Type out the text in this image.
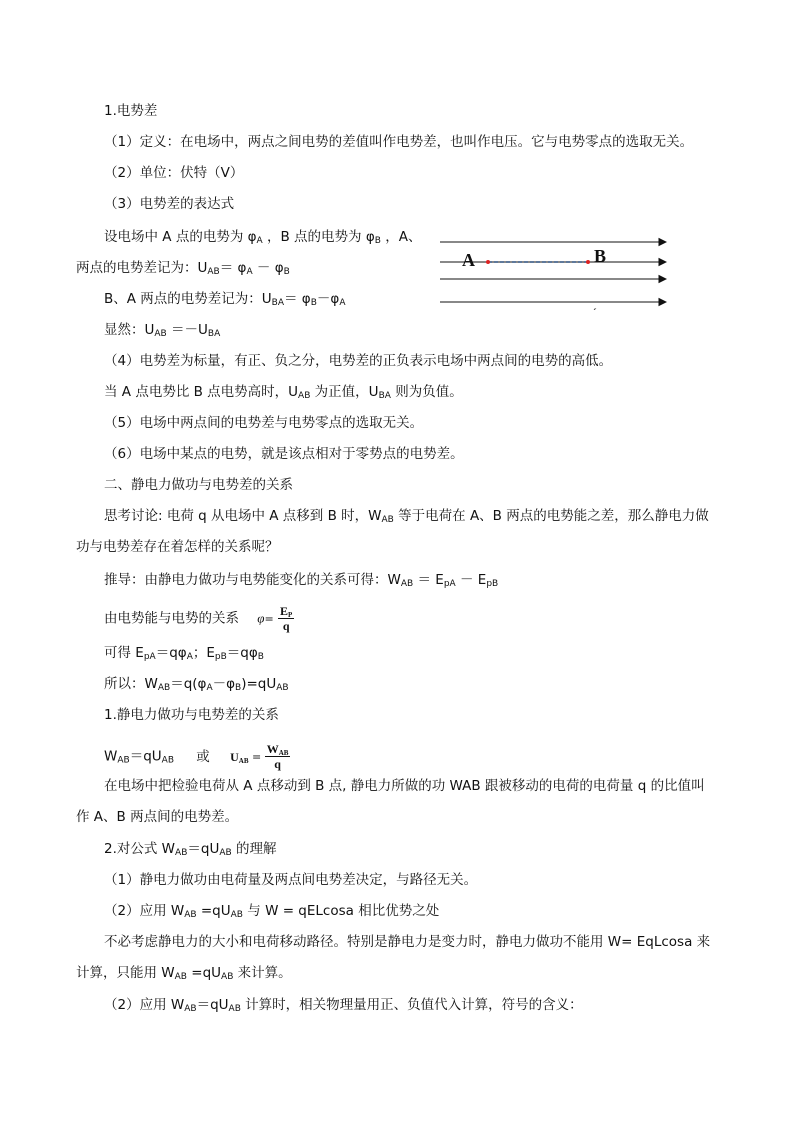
1.电势差
（1）定义：在电场中，两点之间电势的差值叫作电势差，也叫作电压。它与电势零点的选取无关。
（2）单位：伏特（V）
（3）电势差的表达式
设电场中 A 点的电势为 $\varphi_A$ ，B 点的电势为 $\varphi_B$ ，A、
两点的电势差记为：$U_{AB}= \varphi_A - \varphi_B$
B、A 两点的电势差记为：$U_{BA}= \varphi_B-\varphi_A$
显然：$U_{AB} =-U_{BA}$
（4）电势差为标量，有正、负之分，电势差的正负表示电场中两点间的电势的高低。
当 A 点电势比 B 点电势高时，$U_{AB}$ 为正值，$U_{BA}$ 则为负值。
（5）电场中两点间的电势差与电势零点的选取无关。
（6）电场中某点的电势，就是该点相对于零势点的电势差。
二、静电力做功与电势差的关系
思考讨论: 电荷 q 从电场中 A 点移到 B 时，$W_{AB}$ 等于电荷在 A、B 两点的电势能之差，那么静电力做
功与电势差存在着怎样的关系呢？
推导：由静电力做功与电势能变化的关系可得：$W_{AB} = E_{pA} - E_{pB}$
由电势能与电势的关系 $\varphi= \frac{E_P}{q}$
可得 $E_{pA}=q\varphi_A$；$E_{pB}=q\varphi_B$
所以：$W_{AB}=q(\varphi_A-\varphi_B)=qU_{AB}$
1.静电力做功与电势差的关系
$W_{AB}=qU_{AB}$ 或 $U_{AB}$ =
$W_{AB}$
q
在电场中把检验电荷从 A 点移动到 B 点, 静电力所做的功 WAB 跟被移动的电荷的电荷量 q 的比值叫
作 A、B 两点间的电势差。
2.对公式 $W_{AB}=qU_{AB}$ 的理解
（1）静电力做功由电荷量及两点间电势差决定，与路径无关。
（2）应用 $W_{AB} =qU_{AB}$ 与 W = qELcosa 相比优势之处
不必考虑静电力的大小和电荷移动路径。特别是静电力是变力时，静电力做功不能用 W= EqLcosa 来
计算，只能用 $W_{AB} =qU_{AB}$ 来计算。
（2）应用 $W_{AB}=qU_{AB}$ 计算时，相关物理量用正、负值代入计算，符号的含义：
A	B
ˊ
